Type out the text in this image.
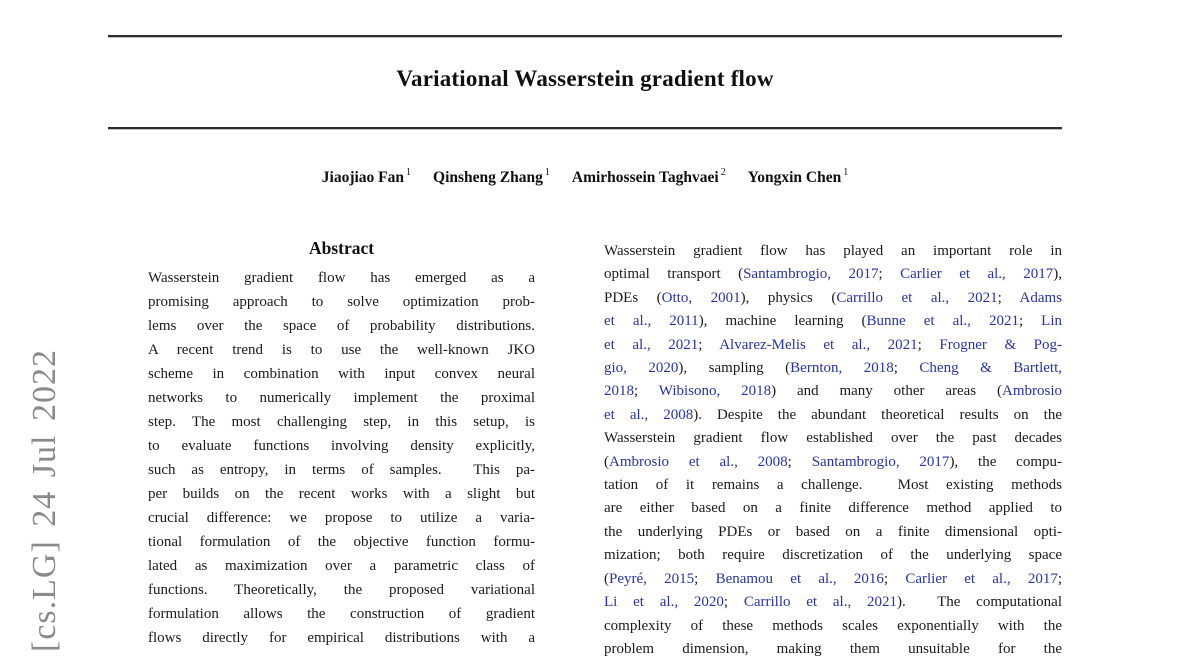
[cs.LG] 24 Jul 2022
Variational Wasserstein gradient flow
Jiaojiao Fan $^1$ Qinsheng Zhang $^1$ Amirhossein Taghvaei $^2$ Yongxin Chen $^1$
Abstract
Wasserstein gradient flow has emerged as a
promising approach to solve optimization prob-
lems over the space of probability distributions.
A recent trend is to use the well-known JKO
scheme in combination with input convex neural
networks to numerically implement the proximal
step. The most challenging step, in this setup, is
to evaluate functions involving density explicitly,
such as entropy, in terms of samples.  This pa-
per builds on the recent works with a slight but
crucial difference: we propose to utilize a varia-
tional formulation of the objective function formu-
lated as maximization over a parametric class of
functions. Theoretically, the proposed variational
formulation allows the construction of gradient
flows directly for empirical distributions with a
Wasserstein gradient flow has played an important role in
optimal transport (Santambrogio, 2017; Carlier et al., 2017),
PDEs (Otto, 2001), physics (Carrillo et al., 2021; Adams
et al., 2011), machine learning (Bunne et al., 2021; Lin
et al., 2021; Alvarez-Melis et al., 2021; Frogner & Pog-
gio, 2020), sampling (Bernton, 2018; Cheng & Bartlett,
2018; Wibisono, 2018) and many other areas (Ambrosio
et al., 2008). Despite the abundant theoretical results on the
Wasserstein gradient flow established over the past decades
(Ambrosio et al., 2008; Santambrogio, 2017), the compu-
tation of it remains a challenge.  Most existing methods
are either based on a finite difference method applied to
the underlying PDEs or based on a finite dimensional opti-
mization; both require discretization of the underlying space
(Peyré, 2015; Benamou et al., 2016; Carlier et al., 2017;
Li et al., 2020; Carrillo et al., 2021).  The computational
complexity of these methods scales exponentially with the
problem dimension, making them unsuitable for the
